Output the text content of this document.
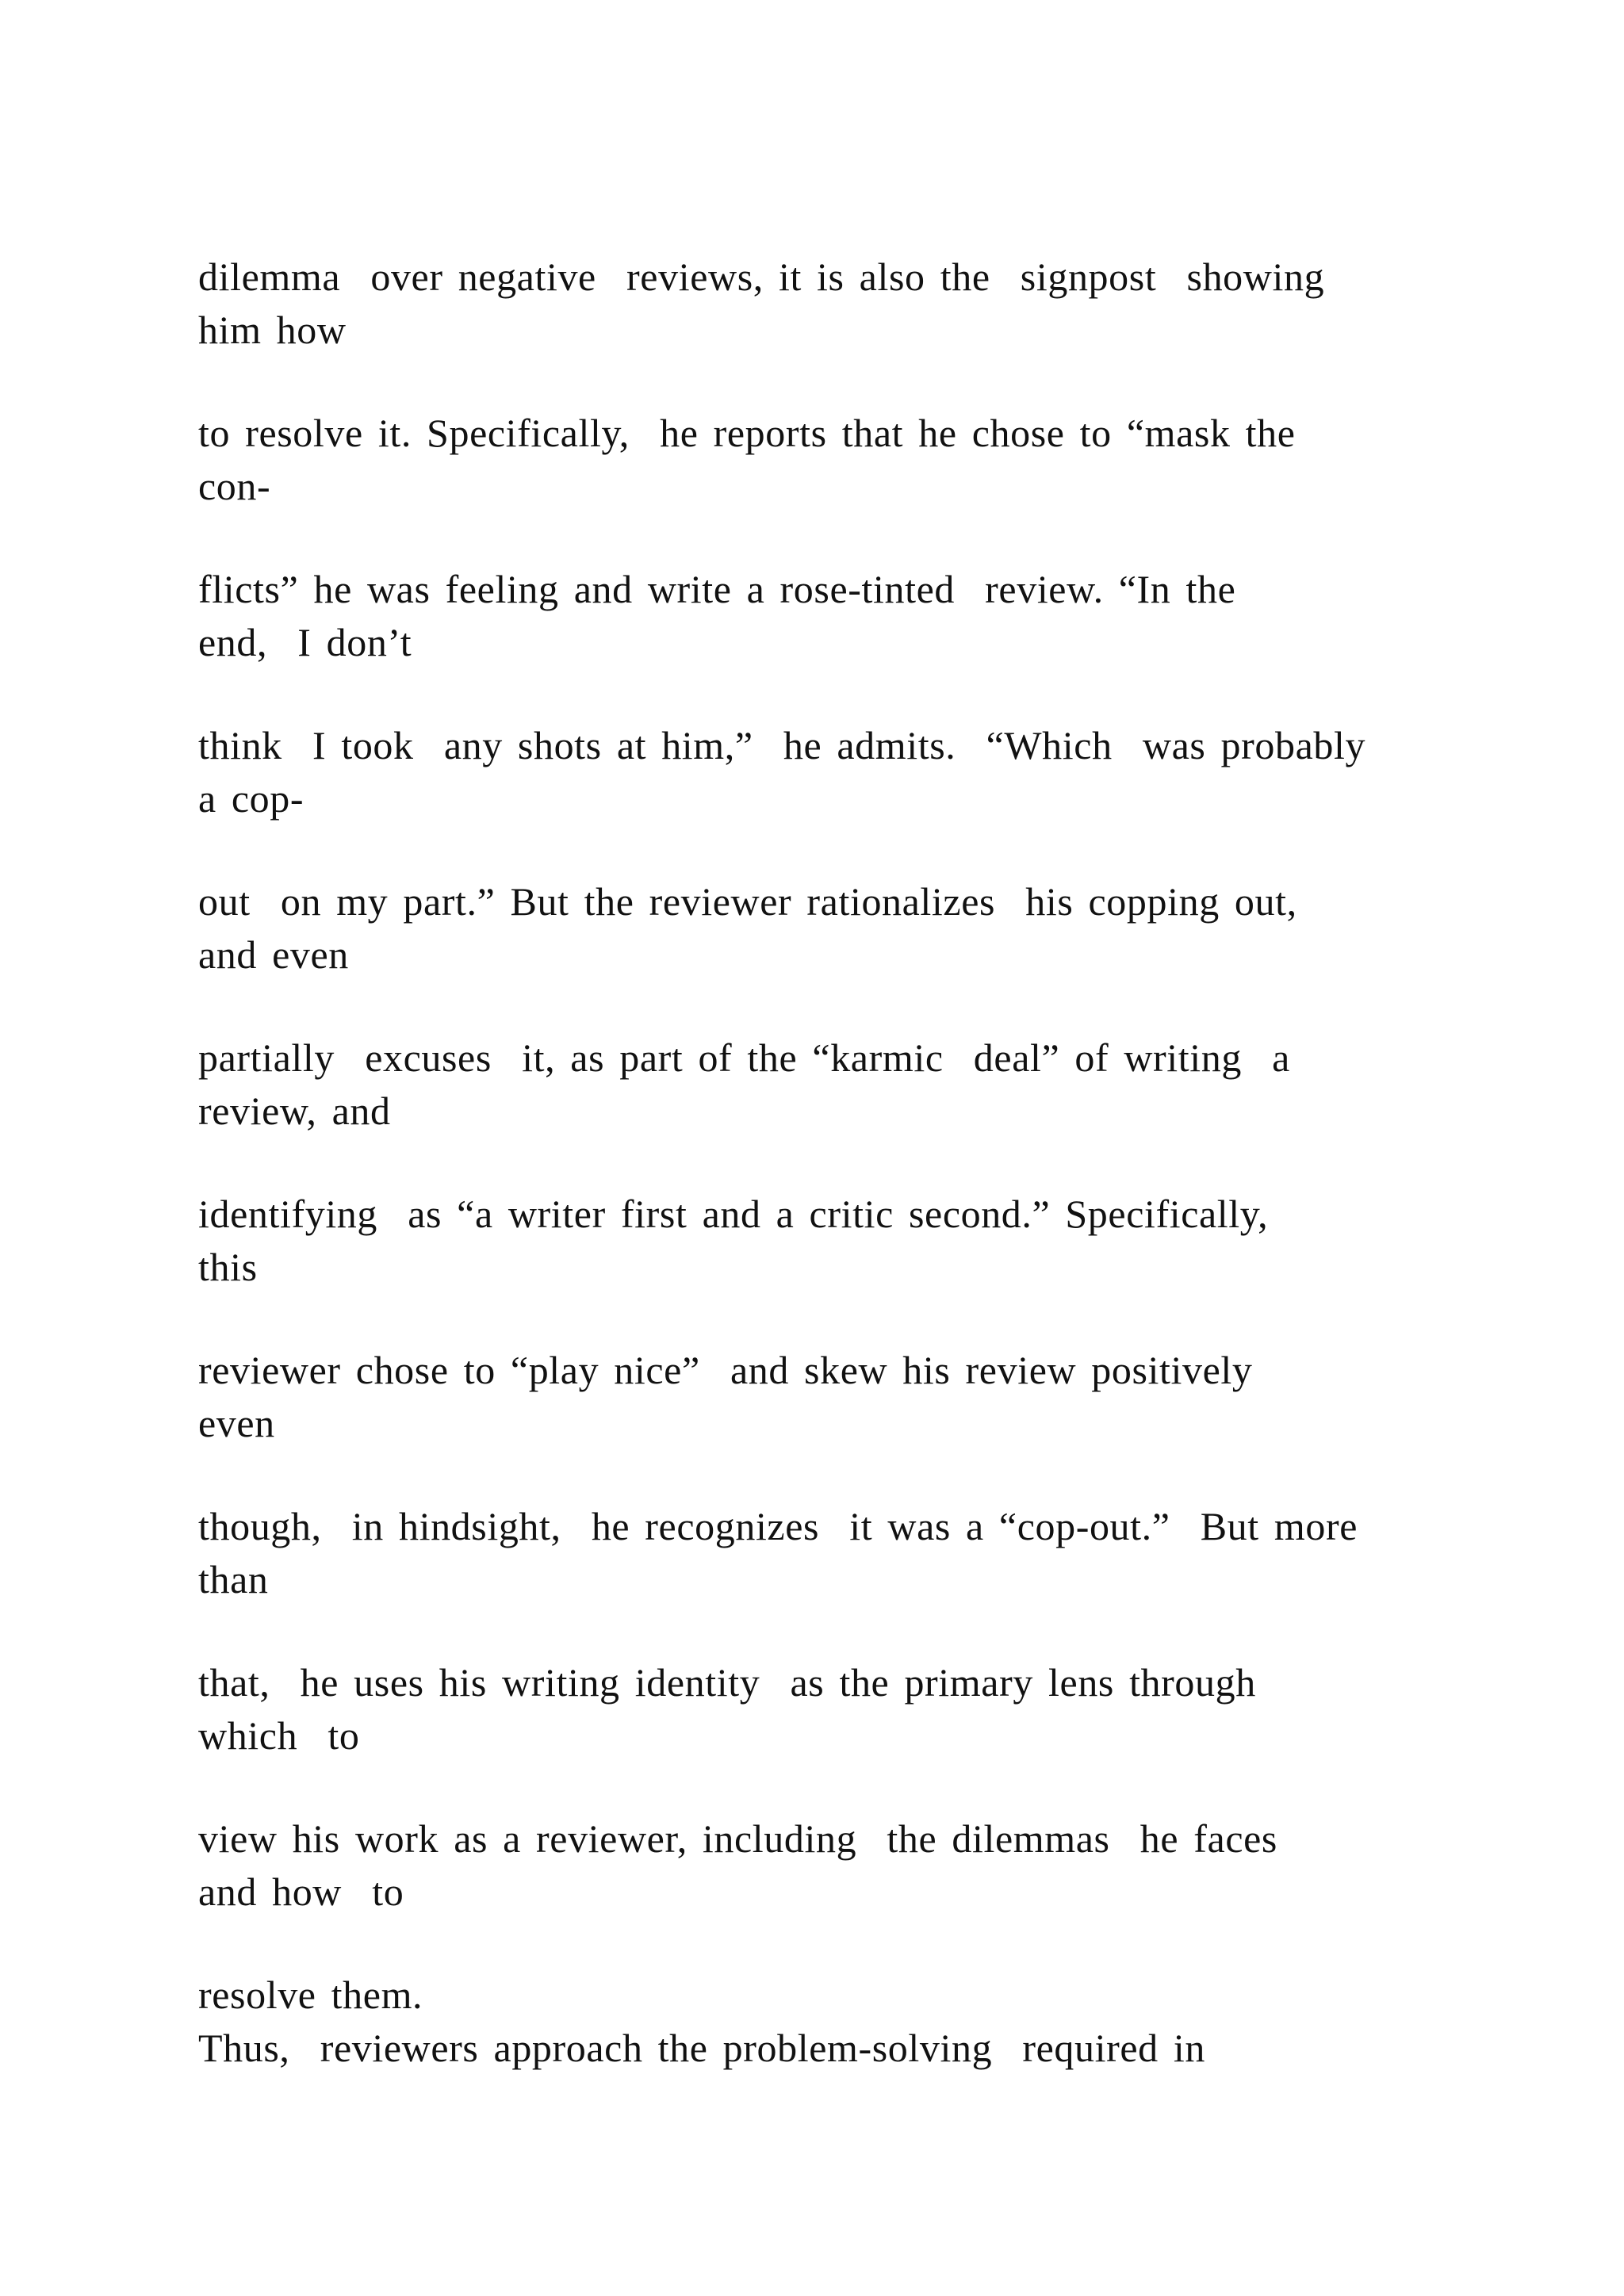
dilemma  over negative  reviews, it is also the  signpost  showing
him how

to resolve it. Specifically,  he reports that he chose to “mask the
con-

flicts” he was feeling and write a rose-tinted  review. “In the
end,  I don’t

think  I took  any shots at him,”  he admits.  “Which  was probably
a cop-

out  on my part.” But the reviewer rationalizes  his copping out,
and even

partially  excuses  it, as part of the “karmic  deal” of writing  a
review, and

identifying  as “a writer first and a critic second.” Specifically,
this

reviewer chose to “play nice”  and skew his review positively
even

though,  in hindsight,  he recognizes  it was a “cop-out.”  But more
than

that,  he uses his writing identity  as the primary lens through
which  to

view his work as a reviewer, including  the dilemmas  he faces
and how  to

resolve them.
Thus,  reviewers approach the problem-solving  required in
